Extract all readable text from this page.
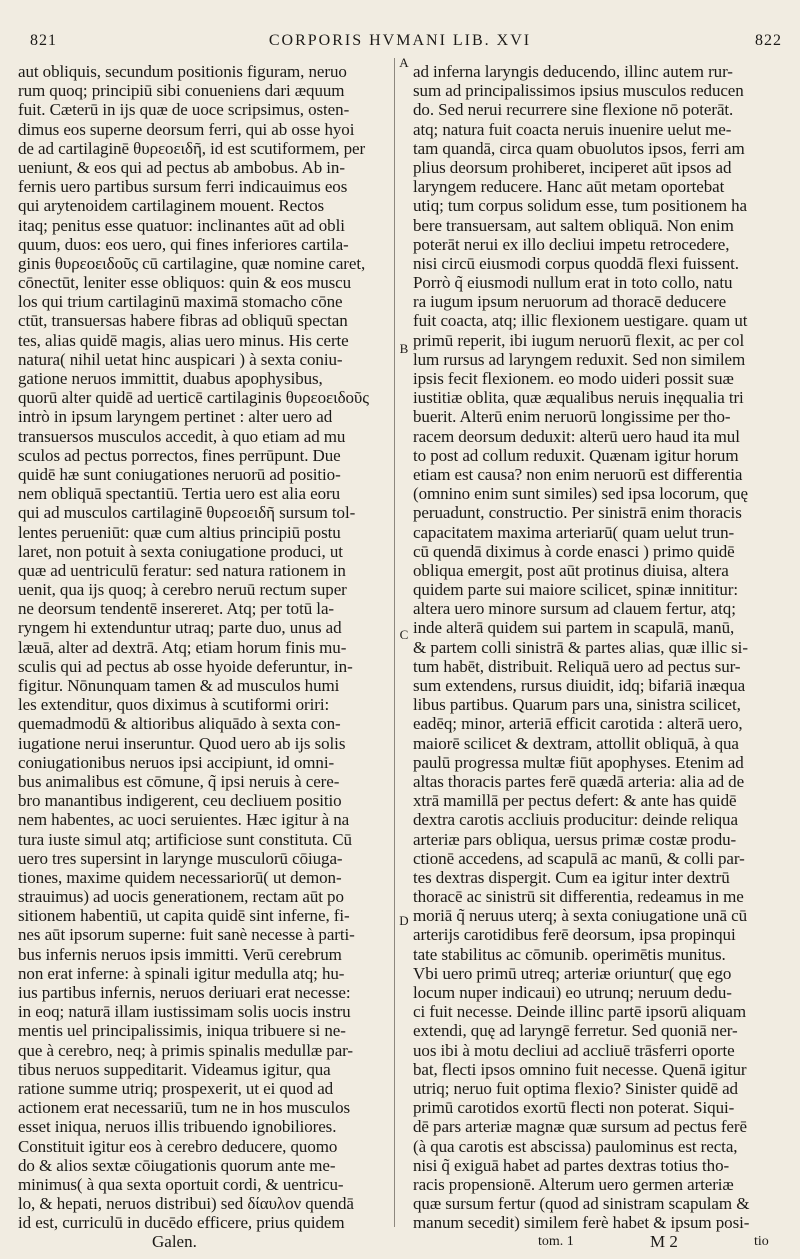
821	CORPORIS HVMANI LIB. XVI	822
aut obliquis, secundum positionis figuram, neruo
rum quoq; principiū sibi conueniens dari æquum
fuit. Cæterū in ijs quæ de uoce scripsimus, osten-
dimus eos superne deorsum ferri, qui ab osse hyoi
de ad cartilaginē θυρεοειδῆ, id est scutiformem, per
ueniunt, & eos qui ad pectus ab ambobus. Ab in-
fernis uero partibus sursum ferri indicauimus eos
qui arytenoidem cartilaginem mouent. Rectos
itaq; penitus esse quatuor: inclinantes aūt ad obli
quum, duos: eos uero, qui fines inferiores cartila-
ginis θυρεοειδοῦς cū cartilagine, quæ nomine caret,
cōnectūt, leniter esse obliquos: quin & eos muscu
los qui trium cartilaginū maximā stomacho cōne
ctūt, transuersas habere fibras ad obliquū spectan
tes, alias quidē magis, alias uero minus. His certe
natura( nihil uetat hinc auspicari ) à sexta coniu-
gatione neruos immittit, duabus apophysibus,
quorū alter quidē ad uerticē cartilaginis θυρεοειδοῦς
intrò in ipsum laryngem pertinet : alter uero ad
transuersos musculos accedit, à quo etiam ad mu
sculos ad pectus porrectos, fines perrūpunt. Due
quidē hæ sunt coniugationes neruorū ad positio-
nem obliquā spectantiū. Tertia uero est alia eoru
qui ad musculos cartilaginē θυρεοειδῆ sursum tol-
lentes perueniūt: quæ cum altius principiū postu
laret, non potuit à sexta coniugatione produci, ut
quæ ad uentriculū feratur: sed natura rationem in
uenit, qua ijs quoq; à cerebro neruū rectum super
ne deorsum tendentē insereret. Atq; per totū la-
ryngem hi extenduntur utraq; parte duo, unus ad
læuā, alter ad dextrā. Atq; etiam horum finis mu-
sculis qui ad pectus ab osse hyoide deferuntur, in-
figitur. Nōnunquam tamen & ad musculos humi
les extenditur, quos diximus à scutiformi oriri:
quemadmodū & altioribus aliquādo à sexta con-
iugatione nerui inseruntur. Quod uero ab ijs solis
coniugationibus neruos ipsi accipiunt, id omni-
bus animalibus est cōmune, q̃ ipsi neruis à cere-
bro manantibus indigerent, ceu decliuem positio
nem habentes, ac uoci seruientes. Hæc igitur à na
tura iuste simul atq; artificiose sunt constituta. Cū
uero tres supersint in larynge musculorū cōiuga-
tiones, maxime quidem necessariorū( ut demon-
strauimus) ad uocis generationem, rectam aūt po
sitionem habentiū, ut capita quidē sint inferne, fi-
nes aūt ipsorum superne: fuit sanè necesse à parti-
bus infernis neruos ipsis immitti. Verū cerebrum
non erat inferne: à spinali igitur medulla atq; hu-
ius partibus infernis, neruos deriuari erat necesse:
in eoq; naturā illam iustissimam solis uocis instru
mentis uel principalissimis, iniqua tribuere si ne-
que à cerebro, neq; à primis spinalis medullæ par-
tibus neruos suppeditarit. Videamus igitur, qua
ratione summe utriq; prospexerit, ut ei quod ad
actionem erat necessariū, tum ne in hos musculos
esset iniqua, neruos illis tribuendo ignobiliores.
Constituit igitur eos à cerebro deducere, quomo
do & alios sextæ cōiugationis quorum ante me-
minimus( à qua sexta oportuit cordi, & uentricu-
lo, & hepati, neruos distribui) sed δίαυλον quendā
id est, curriculū in ducēdo efficere, prius quidem
ad inferna laryngis deducendo, illinc autem rur-
sum ad principalissimos ipsius musculos reducen
do. Sed nerui recurrere sine flexione nō poterāt.
atq; natura fuit coacta neruis inuenire uelut me-
tam quandā, circa quam obuolutos ipsos, ferri am
plius deorsum prohiberet, inciperet aūt ipsos ad
laryngem reducere. Hanc aūt metam oportebat
utiq; tum corpus solidum esse, tum positionem ha
bere transuersam, aut saltem obliquā. Non enim
poterāt nerui ex illo decliui impetu retrocedere,
nisi circū eiusmodi corpus quoddā flexi fuissent.
Porrò q̃ eiusmodi nullum erat in toto collo, natu
ra iugum ipsum neruorum ad thoracē deducere
fuit coacta, atq; illic flexionem uestigare. quam ut
primū reperit, ibi iugum neruorū flexit, ac per col
lum rursus ad laryngem reduxit. Sed non similem
ipsis fecit flexionem. eo modo uideri possit suæ
iustitiæ oblita, quæ æqualibus neruis inęqualia tri
buerit. Alterū enim neruorū longissime per tho-
racem deorsum deduxit: alterū uero haud ita mul
to post ad collum reduxit. Quænam igitur horum
etiam est causa? non enim neruorū est differentia
(omnino enim sunt similes) sed ipsa locorum, quę
peruadunt, constructio. Per sinistrā enim thoracis
capacitatem maxima arteriarū( quam uelut trun-
cū quendā diximus à corde enasci ) primo quidē
obliqua emergit, post aūt protinus diuisa, altera
quidem parte sui maiore scilicet, spinæ innititur:
altera uero minore sursum ad clauem fertur, atq;
inde alterā quidem sui partem in scapulā, manū,
& partem colli sinistrā & partes alias, quæ illic si-
tum habēt, distribuit. Reliquā uero ad pectus sur-
sum extendens, rursus diuidit, idq; bifariā inæqua
libus partibus. Quarum pars una, sinistra scilicet,
eadēq; minor, arteriā efficit carotida : alterā uero,
maiorē scilicet & dextram, attollit obliquā, à qua
paulū progressa multæ fiūt apophyses. Etenim ad
altas thoracis partes ferē quædā arteria: alia ad de
xtrā mamillā per pectus defert: & ante has quidē
dextra carotis accliuis producitur: deinde reliqua
arteriæ pars obliqua, uersus primæ costæ produ-
ctionē accedens, ad scapulā ac manū, & colli par-
tes dextras dispergit. Cum ea igitur inter dextrū
thoracē ac sinistrū sit differentia, redeamus in me
moriā q̃ neruus uterq; à sexta coniugatione unā cū
arterijs carotidibus ferē deorsum, ipsa propinqui
tate stabilitus ac cōmunib. operimētis munitus.
Vbi uero primū utreq; arteriæ oriuntur( quę ego
locum nuper indicaui) eo utrunq; neruum dedu-
ci fuit necesse. Deinde illinc partē ipsorū aliquam
extendi, quę ad laryngē ferretur. Sed quoniā ner-
uos ibi à motu decliui ad accliuē trāsferri oporte
bat, flecti ipsos omnino fuit necesse. Quenā igitur
utriq; neruo fuit optima flexio? Sinister quidē ad
primū carotidos exortū flecti non poterat. Siqui-
dē pars arteriæ magnæ quæ sursum ad pectus ferē
(à qua carotis est abscissa) paulominus est recta,
nisi q̃ exiguā habet ad partes dextras totius tho-
racis propensionē. Alterum uero germen arteriæ
quæ sursum fertur (quod ad sinistram scapulam &
manum secedit) similem ferè habet & ipsum posi-
A
B
C
D
Galen.	tom. 1	M 2	tio
